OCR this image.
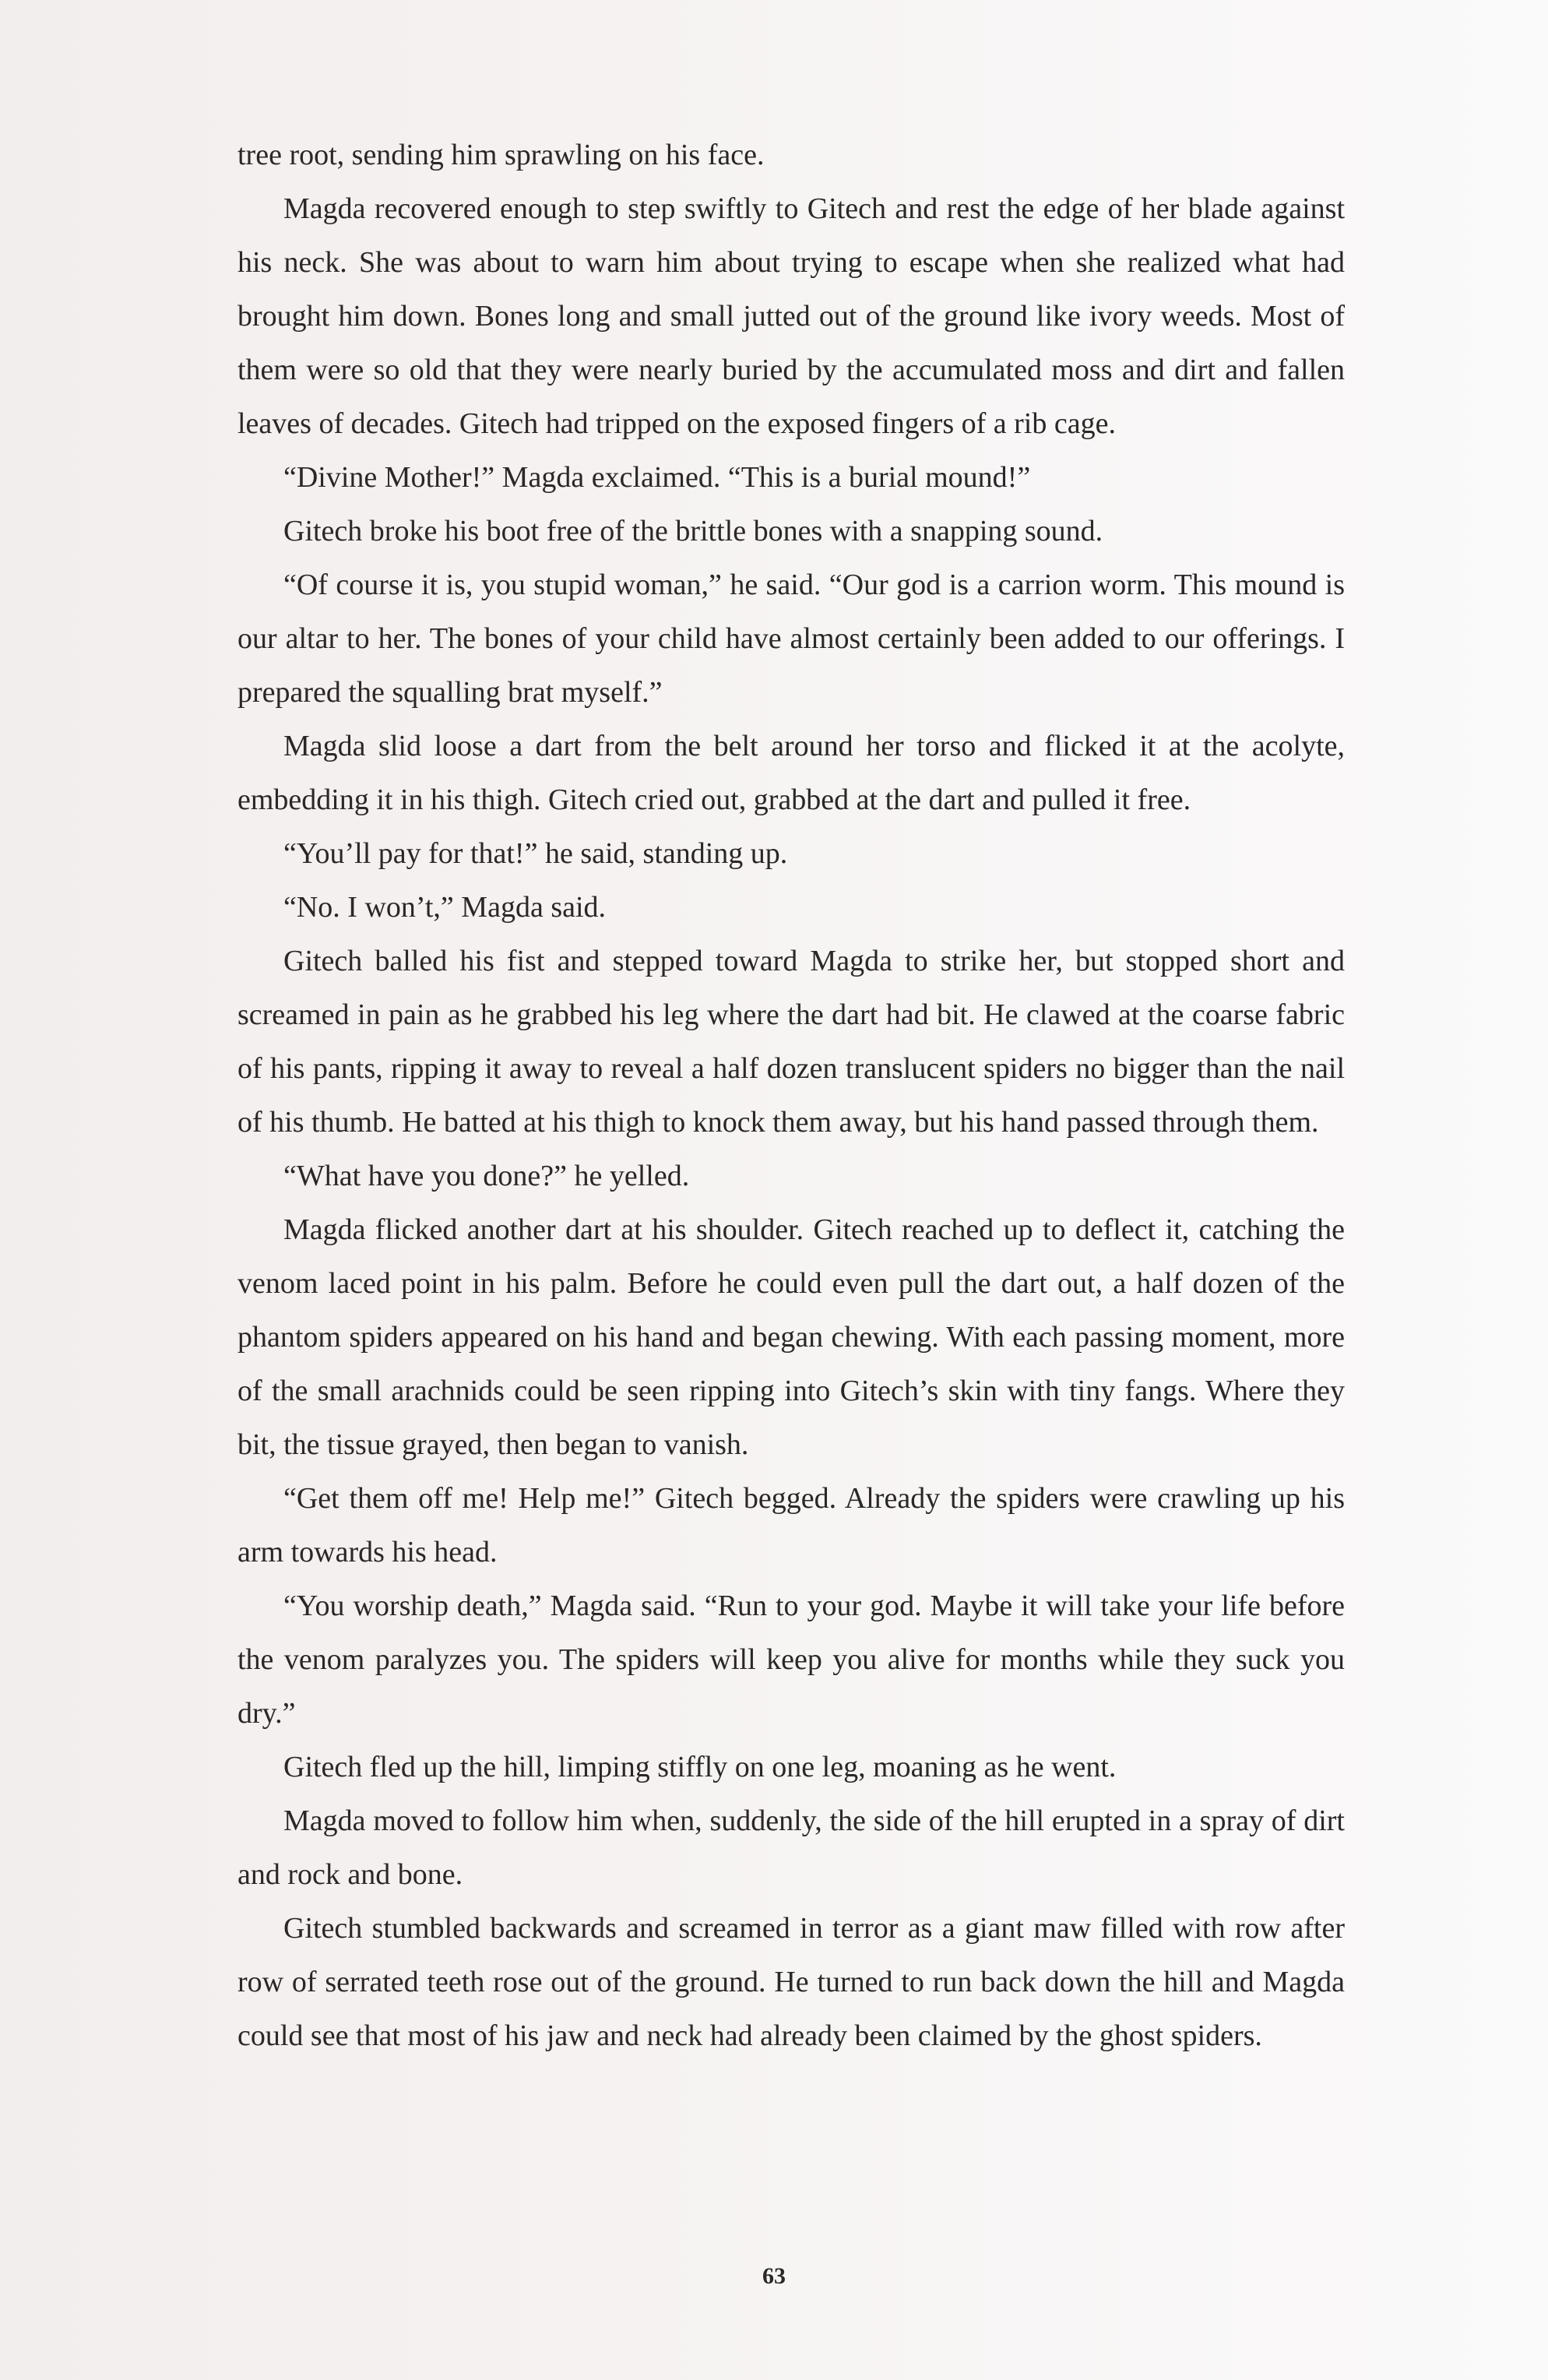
tree root, sending him sprawling on his face.

Magda recovered enough to step swiftly to Gitech and rest the edge of her blade against his neck. She was about to warn him about trying to escape when she realized what had brought him down. Bones long and small jutted out of the ground like ivory weeds. Most of them were so old that they were nearly buried by the accumulated moss and dirt and fallen leaves of decades. Gitech had tripped on the exposed fingers of a rib cage.

“Divine Mother!” Magda exclaimed. “This is a burial mound!”

Gitech broke his boot free of the brittle bones with a snapping sound.

“Of course it is, you stupid woman,” he said. “Our god is a carrion worm. This mound is our altar to her. The bones of your child have almost certainly been added to our offerings. I prepared the squalling brat myself.”

Magda slid loose a dart from the belt around her torso and flicked it at the acolyte, embedding it in his thigh. Gitech cried out, grabbed at the dart and pulled it free.

“You’ll pay for that!” he said, standing up.

“No. I won’t,” Magda said.

Gitech balled his fist and stepped toward Magda to strike her, but stopped short and screamed in pain as he grabbed his leg where the dart had bit. He clawed at the coarse fabric of his pants, ripping it away to reveal a half dozen translucent spiders no bigger than the nail of his thumb. He batted at his thigh to knock them away, but his hand passed through them.

“What have you done?” he yelled.

Magda flicked another dart at his shoulder. Gitech reached up to deflect it, catching the venom laced point in his palm. Before he could even pull the dart out, a half dozen of the phantom spiders appeared on his hand and began chewing. With each passing moment, more of the small arachnids could be seen ripping into Gitech’s skin with tiny fangs. Where they bit, the tissue grayed, then began to vanish.

“Get them off me! Help me!” Gitech begged. Already the spiders were crawling up his arm towards his head.

“You worship death,” Magda said. “Run to your god. Maybe it will take your life before the venom paralyzes you. The spiders will keep you alive for months while they suck you dry.”

Gitech fled up the hill, limping stiffly on one leg, moaning as he went.

Magda moved to follow him when, suddenly, the side of the hill erupted in a spray of dirt and rock and bone.

Gitech stumbled backwards and screamed in terror as a giant maw filled with row after row of serrated teeth rose out of the ground. He turned to run back down the hill and Magda could see that most of his jaw and neck had already been claimed by the ghost spiders.

63
